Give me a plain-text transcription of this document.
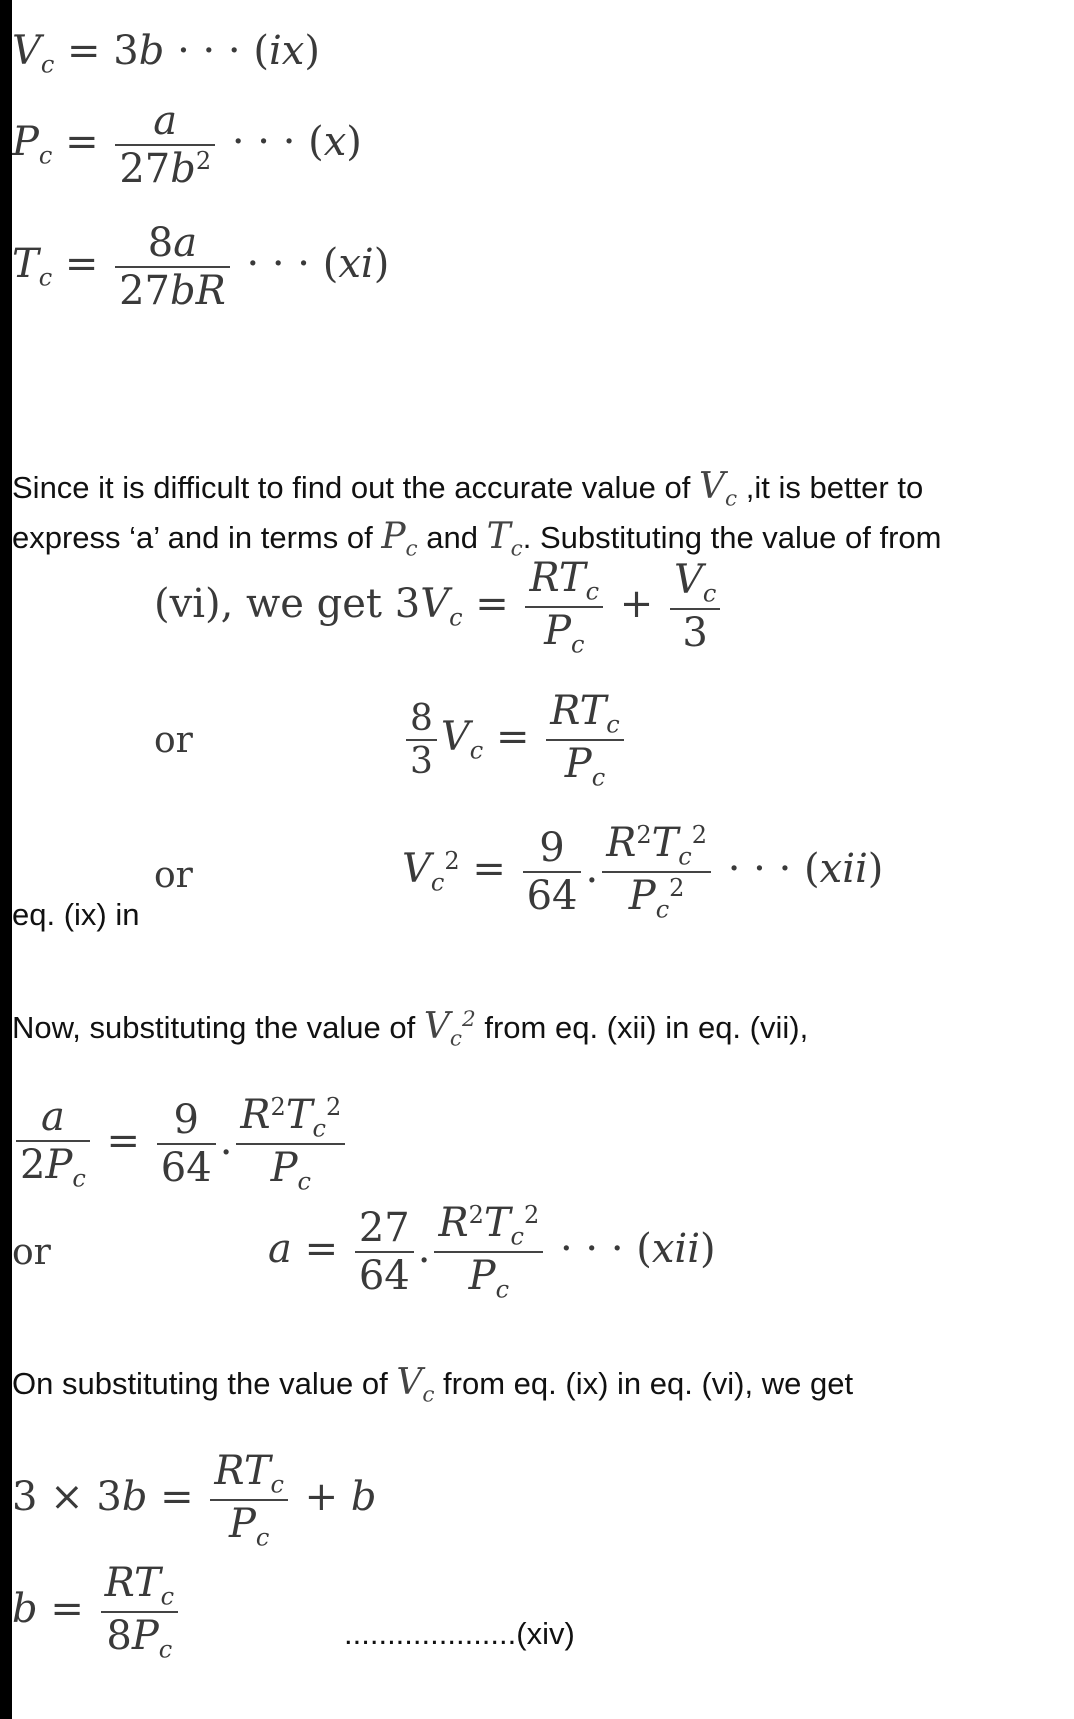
$V_c = 3b$ · · · (ix)
$P_c = \frac{a}{27b^2}$ · · · (x)
$T_c = \frac{8a}{27bR}$ · · · (xi)
Since it is difficult to find out the accurate value of $V_c$ ,it is better to
express ‘a’ and in terms of $P_c$ and $T_c$. Substituting the value of from
(vi), we get $3V_c = \frac{RT_c}{P_c} + \frac{V_c}{3}$
or	$\frac{8}{3} V_c = \frac{RT_c}{P_c}$
or	$V_c^2 = \frac{9}{64}$ . $\frac{R^2T_c^2}{P_c^2}$ · · · (xii)
eq. (ix) in
Now, substituting the value of $V_c^2$ from eq. (xii) in eq. (vii),
$\frac{a}{2P_c} = \frac{9}{64}$ . $\frac{R^2T_c^2}{P_c}$
or	$a = \frac{27}{64}$ . $\frac{R^2T_c^2}{P_c}$ · · · (xii)
On substituting the value of $V_c$ from eq. (ix) in eq. (vi), we get
$3 \times 3b = \frac{RT_c}{P_c} + b$
$b = \frac{RT_c}{8P_c}$	....................(xiv)
